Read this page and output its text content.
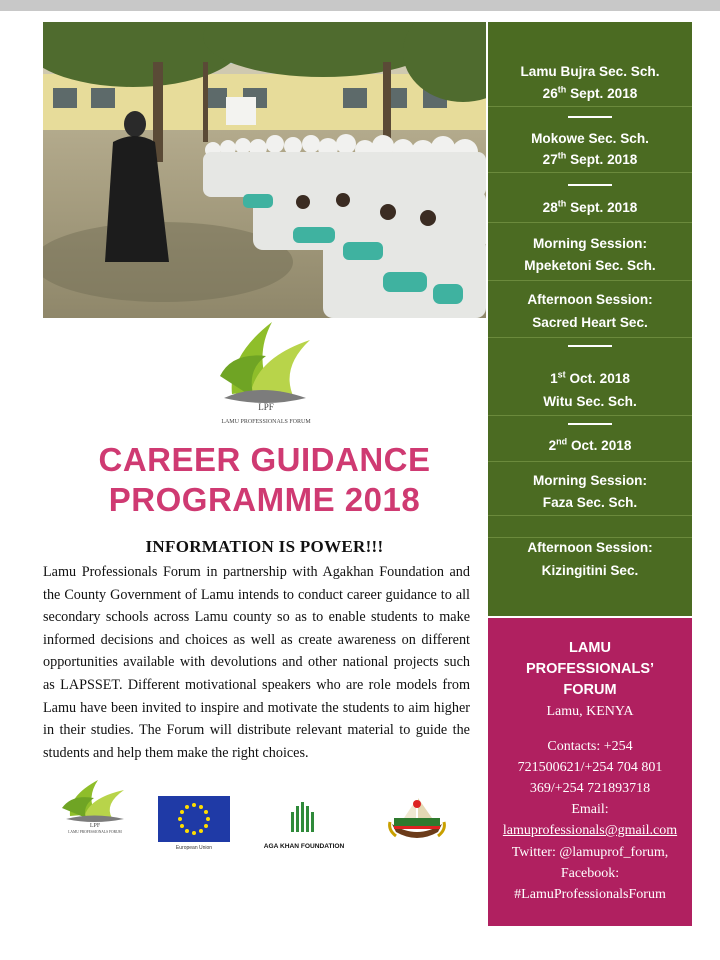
LPF
LAMU PROFESSIONALS FORUM
CAREER GUIDANCE
PROGRAMME 2018
INFORMATION IS POWER!!!
Lamu Professionals Forum in partnership with Agakhan Foundation and the County Government of Lamu intends to conduct career guidance to all secondary schools across Lamu county so as to enable students to make informed decisions and choices as well as create awareness on different opportunities available with devolutions and other national projects such as LAPSSET. Different motivational speakers who are role models from Lamu have been invited to inspire and motivate the students to aim higher in their studies. The Forum will distribute relevant material to guide the students and help them make the right choices.
LPF
LAMU PROFESSIONALS FORUM
European Union	AGA KHAN FOUNDATION
Lamu Bujra Sec. Sch.
26th Sept. 2018
Mokowe Sec. Sch.
27th Sept. 2018
28th Sept. 2018
Morning Session:
Mpeketoni Sec. Sch.
Afternoon Session:
Sacred Heart Sec.
1st Oct. 2018
Witu Sec. Sch.
2nd Oct. 2018
Morning Session:
Faza Sec. Sch.
Afternoon Session:
Kizingitini Sec.
LAMU
PROFESSIONALS’
FORUM
Lamu, KENYA
Contacts: +254
721500621/+254 704 801
369/+254 721893718
Email:
lamuprofessionals@gmail.com
Twitter: @lamuprof_forum,
Facebook:
#LamuProfessionalsForum
